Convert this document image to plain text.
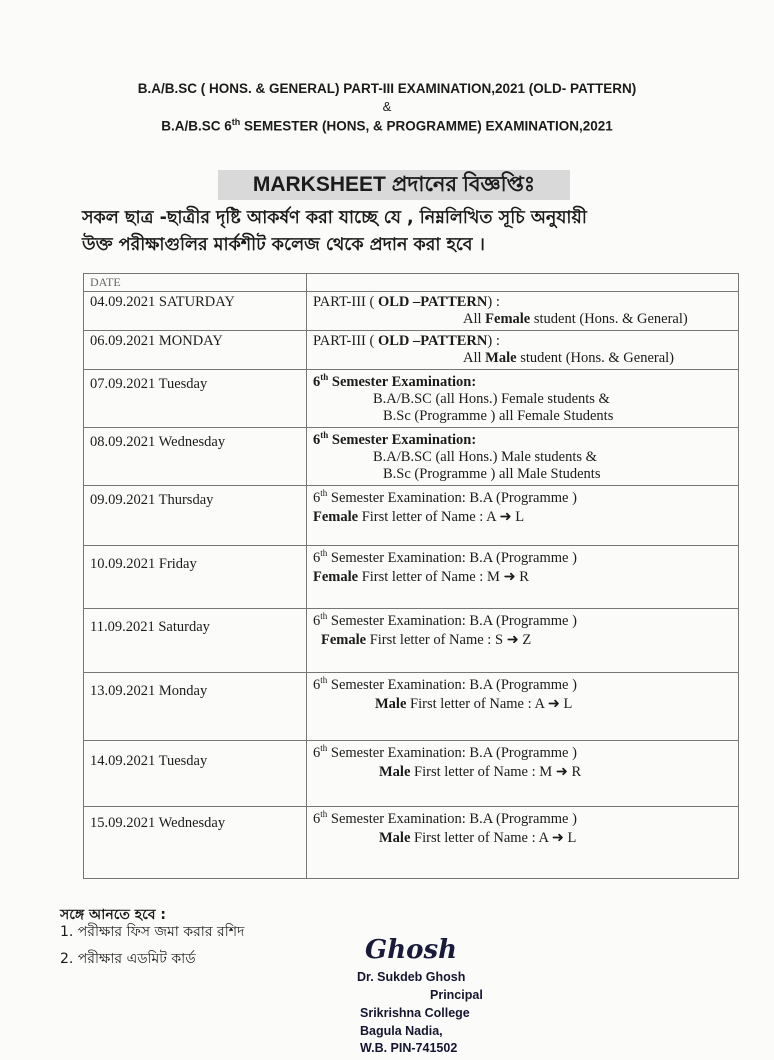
B.A/B.SC ( HONS. & GENERAL) PART-III EXAMINATION,2021 (OLD- PATTERN)
&
B.A/B.SC 6th SEMESTER (HONS, & PROGRAMME) EXAMINATION,2021
MARKSHEET প্রদানের বিজ্ঞপ্তিঃ
সকল ছাত্র -ছাত্রীর দৃষ্টি আকর্ষণ করা যাচ্ছে যে , নিম্নলিখিত সূচি অনুযায়ী
উক্ত পরীক্ষাগুলির মার্কশীট কলেজ থেকে প্রদান করা হবে ।
DATE	
04.09.2021 SATURDAY	PART-III ( OLD –PATTERN) :
All Female student (Hons. & General)

06.09.2021 MONDAY	PART-III ( OLD –PATTERN) :
All Male student (Hons. & General)

07.09.2021 Tuesday	6th Semester Examination:
B.A/B.SC (all Hons.) Female students &
B.Sc (Programme ) all Female Students

08.09.2021 Wednesday	6th Semester Examination:
B.A/B.SC (all Hons.) Male students &
B.Sc (Programme ) all Male Students

09.09.2021 Thursday	6th Semester Examination: B.A (Programme )
Female First letter of Name : A ➜ L

10.09.2021 Friday	6th Semester Examination: B.A (Programme )
Female First letter of Name : M ➜ R

11.09.2021 Saturday	6th Semester Examination: B.A (Programme )
Female First letter of Name : S ➜ Z

13.09.2021 Monday	6th Semester Examination: B.A (Programme )
Male First letter of Name : A ➜ L

14.09.2021 Tuesday	6th Semester Examination: B.A (Programme )
Male First letter of Name : M ➜ R

15.09.2021 Wednesday	6th Semester Examination: B.A (Programme )
Male First letter of Name : A ➜ L
সঙ্গে আনতে হবে :
1. পরীক্ষার ফিস জমা করার রশিদ
2. পরীক্ষার এডমিট কার্ড	Ghosh
Dr. Sukdeb Ghosh
Principal
Srikrishna College
Bagula Nadia,
W.B. PIN-741502
